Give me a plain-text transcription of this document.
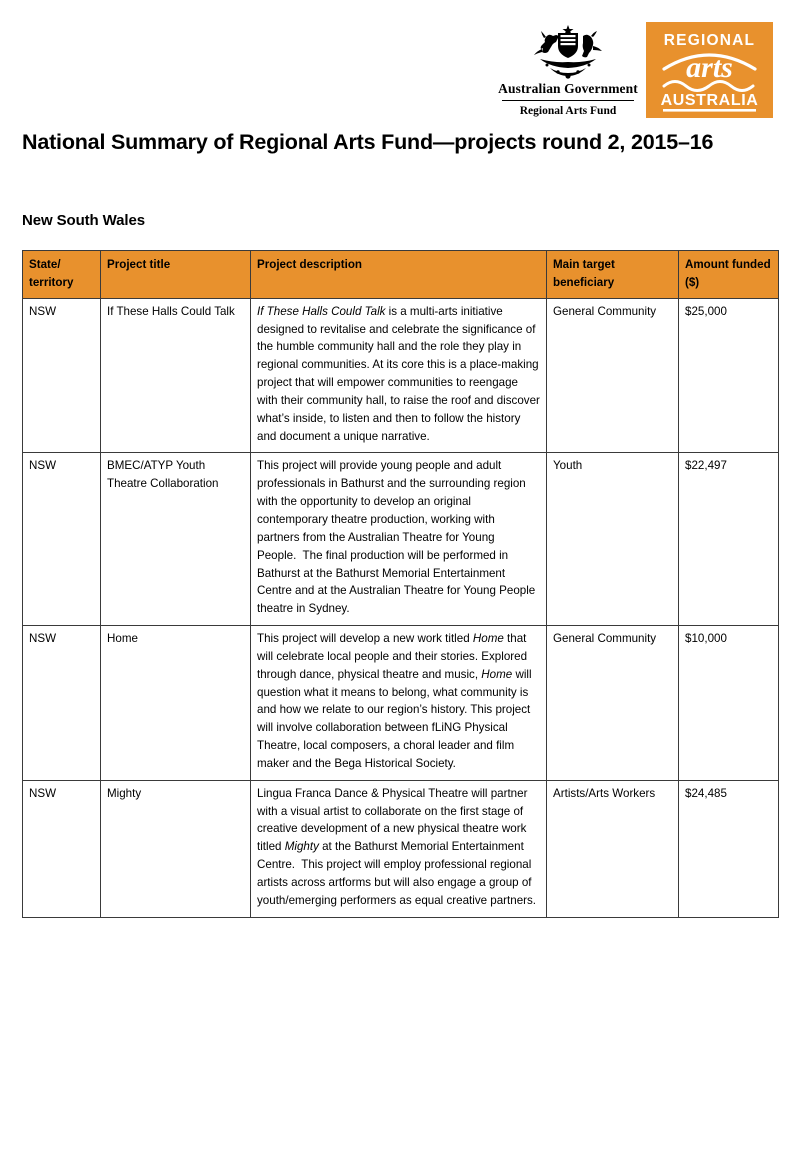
Australian Government
Regional Arts Fund
REGIONAL
arts
AUSTRALIA
National Summary of Regional Arts Fund—projects round 2, 2015–16
New South Wales
State/ territory	Project title	Project description	Main target beneficiary	Amount funded ($)
NSW	If These Halls Could Talk	If These Halls Could Talk is a multi-arts initiative designed to revitalise and celebrate the significance of the humble community hall and the role they play in regional communities. At its core this is a place-making project that will empower communities to reengage with their community hall, to raise the roof and discover what’s inside, to listen and then to follow the history and document a unique narrative.	General Community	$25,000
NSW	BMEC/ATYP Youth Theatre Collaboration	This project will provide young people and adult professionals in Bathurst and the surrounding region with the opportunity to develop an original contemporary theatre production, working with partners from the Australian Theatre for Young People.  The final production will be performed in Bathurst at the Bathurst Memorial Entertainment Centre and at the Australian Theatre for Young People theatre in Sydney.	Youth	$22,497
NSW	Home	This project will develop a new work titled Home that will celebrate local people and their stories. Explored through dance, physical theatre and music, Home will question what it means to belong, what community is and how we relate to our region’s history. This project will involve collaboration between fLiNG Physical Theatre, local composers, a choral leader and film maker and the Bega Historical Society.	General Community	$10,000
NSW	Mighty	Lingua Franca Dance & Physical Theatre will partner with a visual artist to collaborate on the first stage of creative development of a new physical theatre work titled Mighty at the Bathurst Memorial Entertainment Centre.  This project will employ professional regional artists across artforms but will also engage a group of youth/emerging performers as equal creative partners.	Artists/Arts Workers	$24,485
